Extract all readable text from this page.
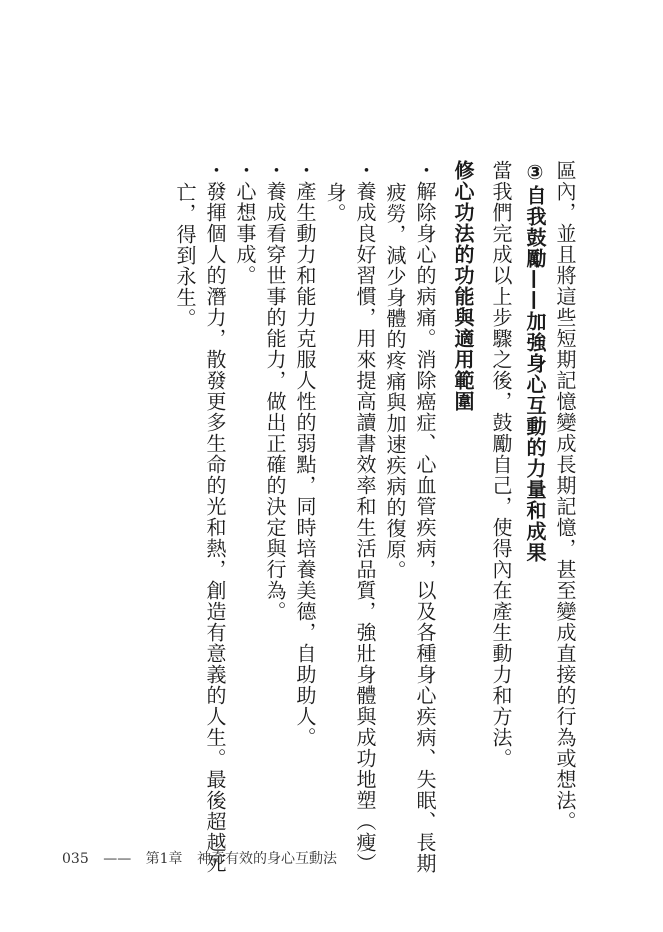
區內，並且將這些短期記憶變成長期記憶，甚至變成直接的行為或想法。

③自我鼓勵——加強身心互動的力量和成果

當我們完成以上步驟之後，鼓勵自己，使得內在產生動力和方法。

修心功法的功能與適用範圍

・解除身心的病痛。消除癌症、心血管疾病，以及各種身心疾病、失眠、長期

疲勞，減少身體的疼痛與加速疾病的復原。

・養成良好習慣，用來提高讀書效率和生活品質，強壯身體與成功地塑（瘦）

身。

・產生動力和能力克服人性的弱點，同時培養美德，自助助人。

・養成看穿世事的能力，做出正確的決定與行為。

・心想事成。

・發揮個人的潛力，散發更多生命的光和熱，創造有意義的人生。最後超越死

亡，得到永生。

035 —— 第1章 神奇有效的身心互動法
